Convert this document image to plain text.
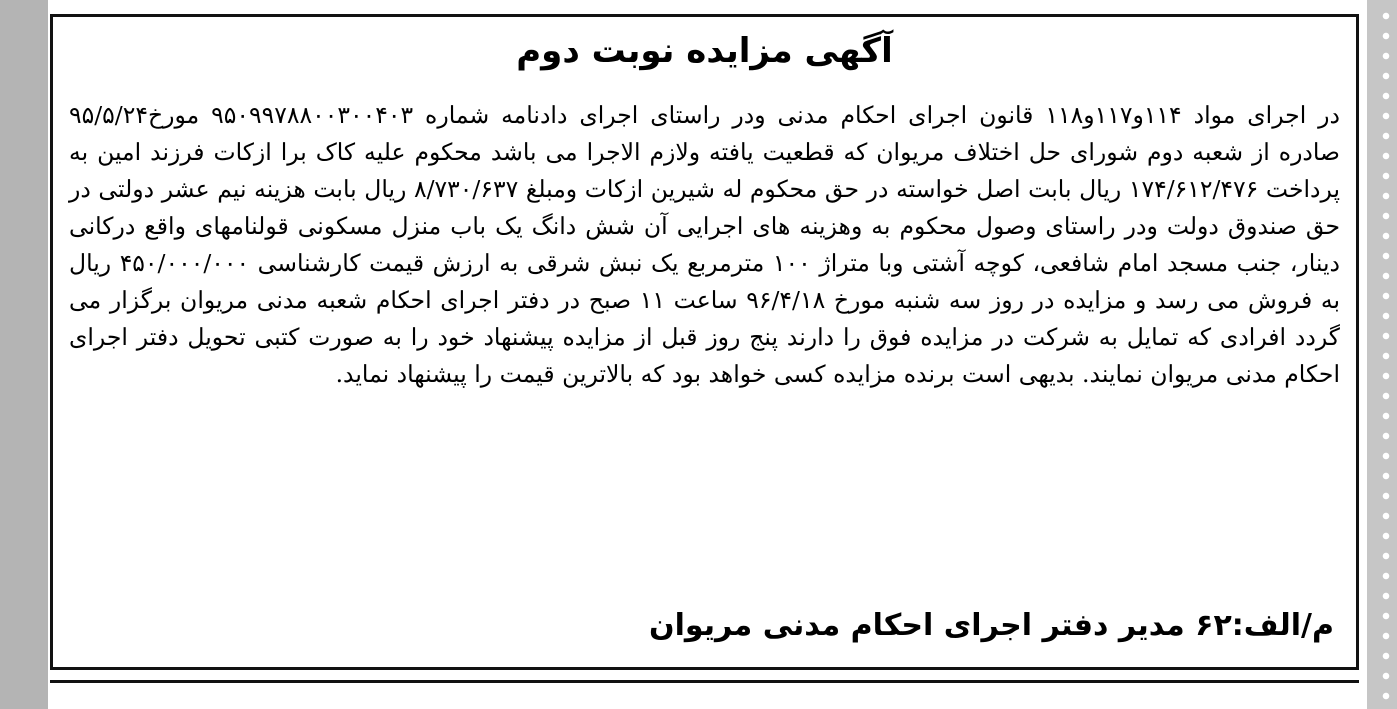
آگهی مزایده نوبت دوم
در اجرای مواد ۱۱۴و۱۱۷و۱۱۸ قانون اجرای احکام مدنی ودر راستای اجرای دادنامه شماره ۹۵۰۹۹۷۸۸۰۰۳۰۰۴۰۳ مورخ۹۵/۵/۲۴ صادره از شعبه دوم شورای حل اختلاف مریوان که قطعیت یافته ولازم الاجرا می باشد محکوم علیه کاک برا ازکات فرزند امین به پرداخت ۱۷۴/۶۱۲/۴۷۶ ریال بابت اصل خواسته در حق محکوم له شیرین ازکات ومبلغ ۸/۷۳۰/۶۳۷ ریال بابت هزینه نیم عشر دولتی در حق صندوق دولت ودر راستای وصول محکوم به وهزینه های اجرایی آن شش دانگ یک باب منزل مسکونی قولنامهای واقع درکانی دینار، جنب مسجد امام شافعی، کوچه آشتی وبا متراژ ۱۰۰ مترمربع یک نبش شرقی به ارزش قیمت کارشناسی ۴۵۰/۰۰۰/۰۰۰ ریال به فروش می رسد و مزایده در روز سه شنبه مورخ ۹۶/۴/۱۸ ساعت ۱۱ صبح در دفتر اجرای احکام شعبه مدنی مریوان برگزار می گردد افرادی که تمایل به شرکت در مزایده فوق را دارند پنج روز قبل از مزایده پیشنهاد خود را به صورت کتبی تحویل دفتر اجرای احکام مدنی مریوان نمایند. بدیهی است برنده مزایده کسی خواهد بود که بالاترین قیمت را پیشنهاد نماید.
م/الف:۶۲ مدیر دفتر اجرای احکام مدنی مریوان
